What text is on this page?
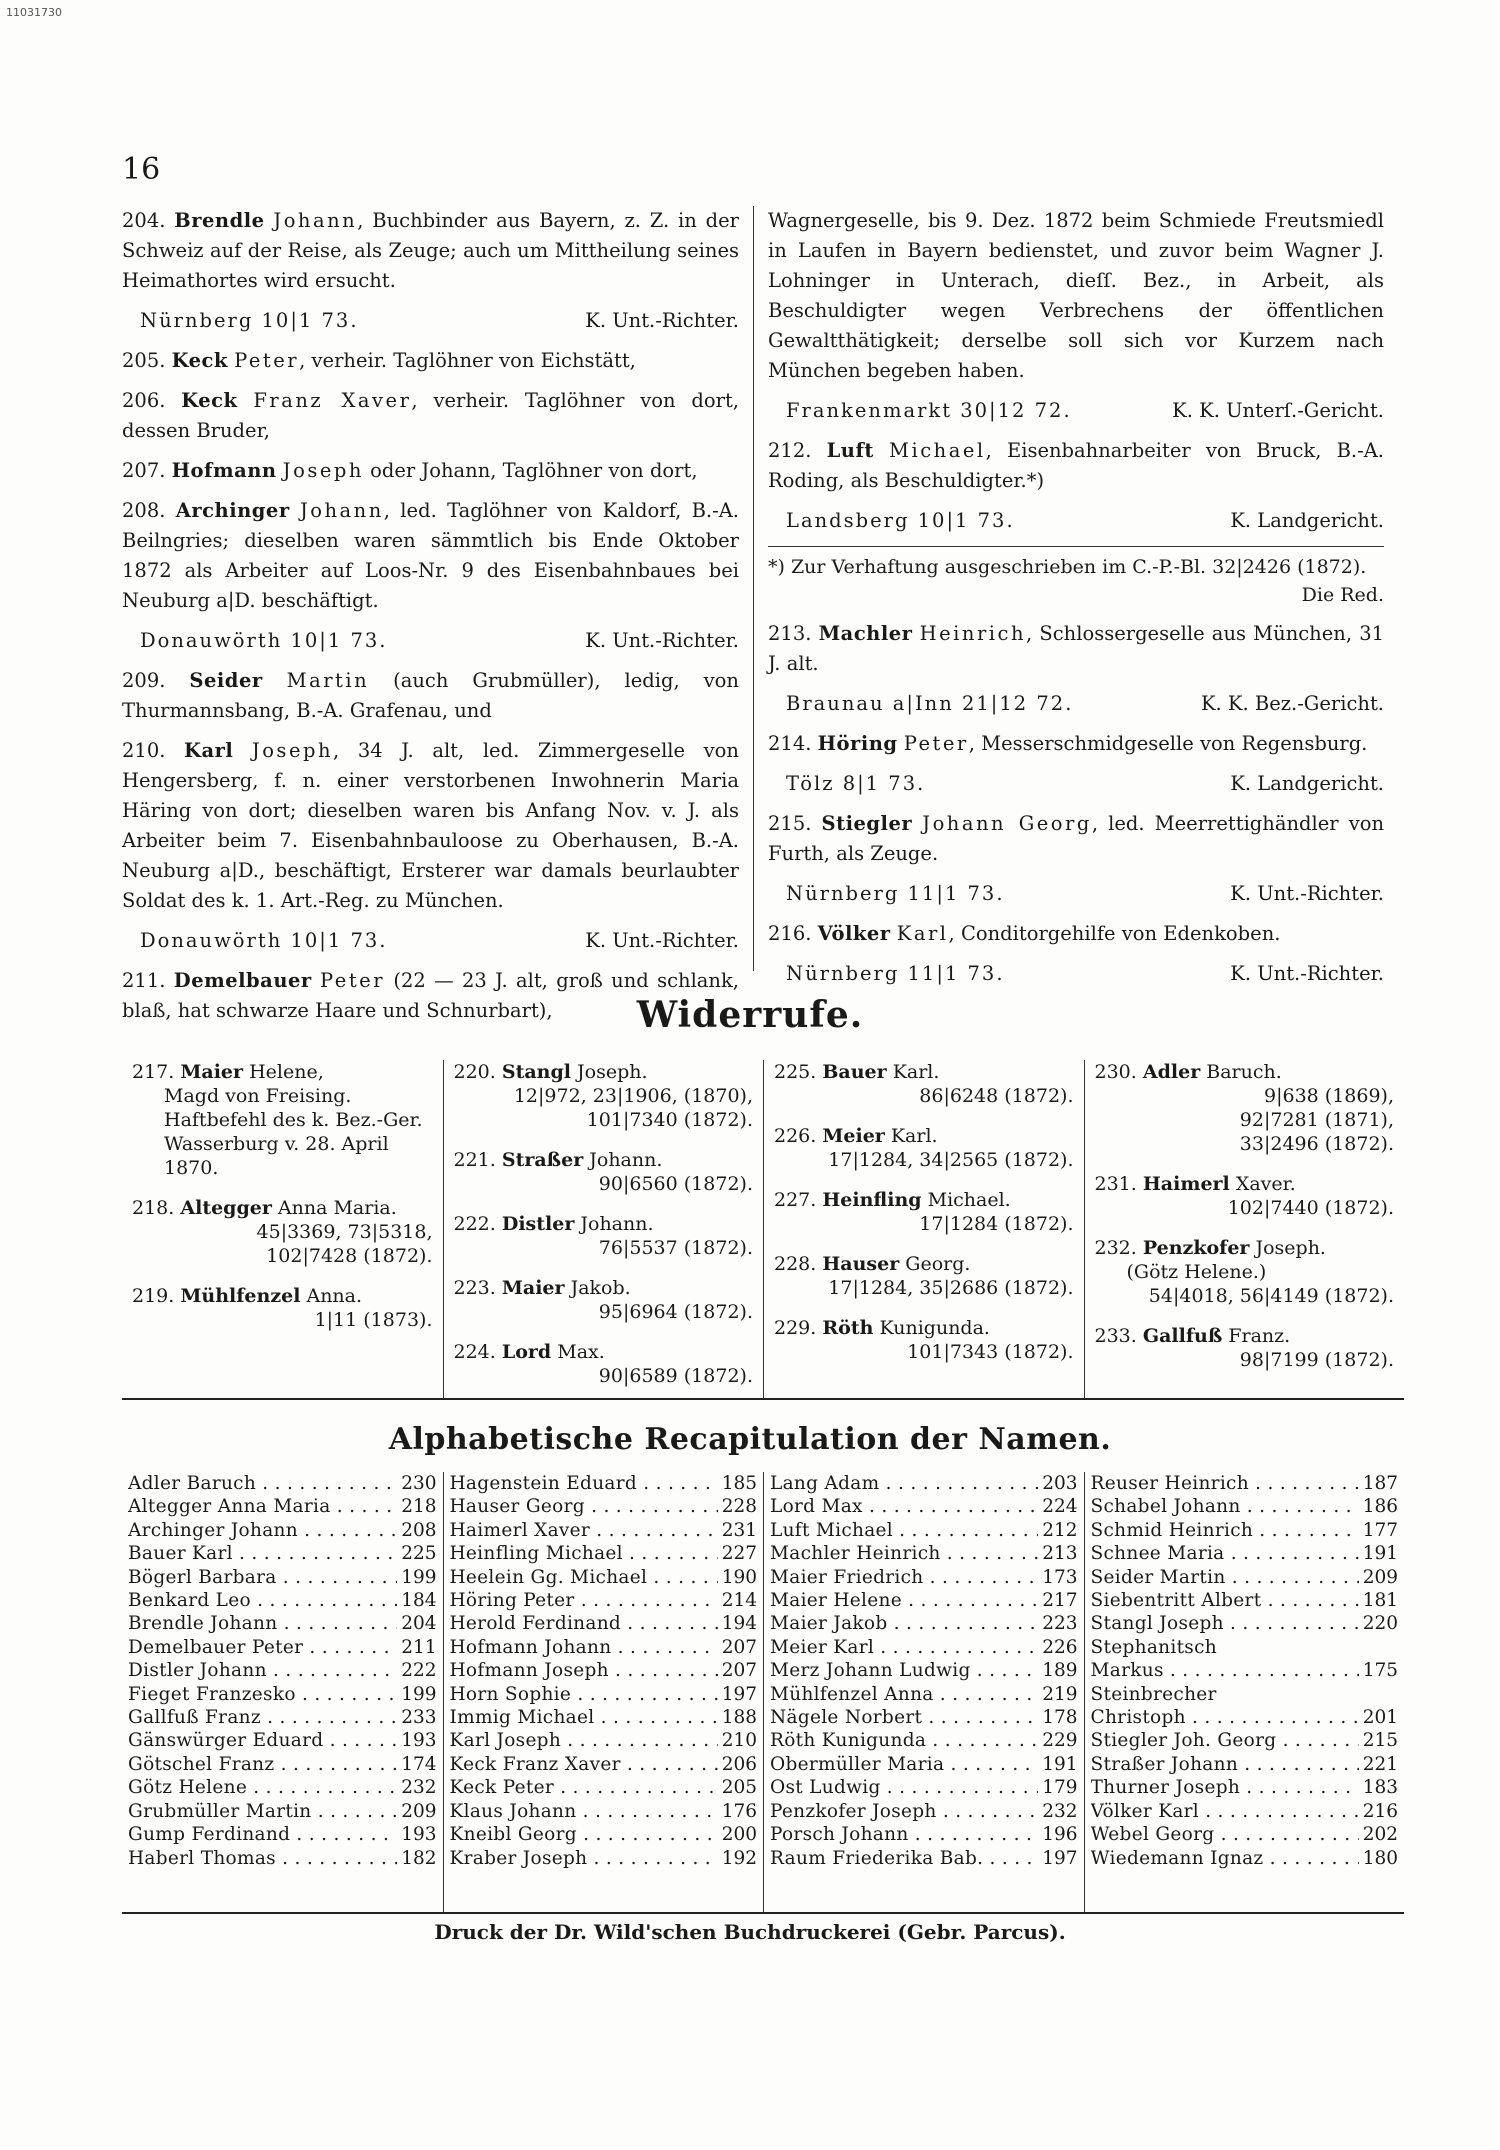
11031730
16
204. Brendle Johann, Buchbinder aus Bayern, z. Z. in der Schweiz auf der Reise, als Zeuge; auch um Mittheilung seines Heimathortes wird ersucht.
Nürnberg 10|1 73.	K. Unt.-Richter.
205. Keck Peter, verheir. Taglöhner von Eichstätt,
206. Keck Franz Xaver, verheir. Taglöhner von dort, dessen Bruder,
207. Hofmann Joseph oder Johann, Taglöhner von dort,
208. Archinger Johann, led. Taglöhner von Kaldorf, B.-A. Beilngries; dieselben waren sämmtlich bis Ende Oktober 1872 als Arbeiter auf Loos-Nr. 9 des Eisenbahnbaues bei Neuburg a|D. beschäftigt.
Donauwörth 10|1 73.	K. Unt.-Richter.
209. Seider Martin (auch Grubmüller), ledig, von Thurmannsbang, B.-A. Grafenau, und
210. Karl Joseph, 34 J. alt, led. Zimmergeselle von Hengersberg, f. n. einer verstorbenen Inwohnerin Maria Häring von dort; dieselben waren bis Anfang Nov. v. J. als Arbeiter beim 7. Eisenbahnbauloose zu Oberhausen, B.-A. Neuburg a|D., beschäftigt, Ersterer war damals beurlaubter Soldat des k. 1. Art.-Reg. zu München.
Donauwörth 10|1 73.	K. Unt.-Richter.
211. Demelbauer Peter (22 — 23 J. alt, groß und schlank, blaß, hat schwarze Haare und Schnurbart),
Wagnergeselle, bis 9. Dez. 1872 beim Schmiede Freutsmiedl in Laufen in Bayern bedienstet, und zuvor beim Wagner J. Lohninger in Unterach, dieſſ. Bez., in Arbeit, als Beschuldigter wegen Verbrechens der öffentlichen Gewaltthätigkeit; derselbe soll sich vor Kurzem nach München begeben haben.
Frankenmarkt 30|12 72.	K. K. Unterſ.-Gericht.
212. Luft Michael, Eisenbahnarbeiter von Bruck, B.-A. Roding, als Beschuldigter.*)
Landsberg 10|1 73.	K. Landgericht.
*) Zur Verhaftung ausgeschrieben im C.-P.-Bl. 32|2426 (1872).
Die Red.
213. Machler Heinrich, Schlossergeselle aus München, 31 J. alt.
Braunau a|Inn 21|12 72.	K. K. Bez.-Gericht.
214. Höring Peter, Messerschmidgeselle von Regensburg.
Tölz 8|1 73.	K. Landgericht.
215. Stiegler Johann Georg, led. Meerrettighändler von Furth, als Zeuge.
Nürnberg 11|1 73.	K. Unt.-Richter.
216. Völker Karl, Conditorgehilfe von Edenkoben.
Nürnberg 11|1 73.	K. Unt.-Richter.
Widerrufe.
217. Maier Helene,
Magd von Freising. Haftbefehl des k. Bez.-Ger. Wasserburg v. 28. April 1870.
218. Altegger Anna Maria.
45|3369, 73|5318,
102|7428 (1872).
219. Mühlfenzel Anna.
1|11 (1873).
220. Stangl Joseph.
12|972, 23|1906, (1870),
101|7340 (1872).
221. Straßer Johann.
90|6560 (1872).
222. Distler Johann.
76|5537 (1872).
223. Maier Jakob.
95|6964 (1872).
224. Lord Max.
90|6589 (1872).
225. Bauer Karl.
86|6248 (1872).
226. Meier Karl.
17|1284, 34|2565 (1872).
227. Heinfling Michael.
17|1284 (1872).
228. Hauser Georg.
17|1284, 35|2686 (1872).
229. Röth Kunigunda.
101|7343 (1872).
230. Adler Baruch.
9|638 (1869),
92|7281 (1871),
33|2496 (1872).
231. Haimerl Xaver.
102|7440 (1872).
232. Penzkofer Joseph.
(Götz Helene.)
54|4018, 56|4149 (1872).
233. Gallfuß Franz.
98|7199 (1872).
Alphabetische Recapitulation der Namen.
Adler Baruch . . .	230
Altegger Anna Maria . . .	218
Archinger Johann . . .	208
Bauer Karl . . .	225
Bögerl Barbara . . .	199
Benkard Leo . . .	184
Brendle Johann . . .	204
Demelbauer Peter . . .	211
Distler Johann . . .	222
Fieget Franzesko . . .	199
Gallfuß Franz . . .	233
Gänswürger Eduard . . .	193
Götschel Franz . . .	174
Götz Helene . . .	232
Grubmüller Martin . . .	209
Gump Ferdinand . . .	193
Haberl Thomas . . .	182
Hagenstein Eduard . . .	185
Hauser Georg . . .	228
Haimerl Xaver . . .	231
Heinfling Michael . . .	227
Heelein Gg. Michael . . .	190
Höring Peter . . .	214
Herold Ferdinand . . .	194
Hofmann Johann . . .	207
Hofmann Joseph . . .	207
Horn Sophie . . .	197
Immig Michael . . .	188
Karl Joseph . . .	210
Keck Franz Xaver . . .	206
Keck Peter . . .	205
Klaus Johann . . .	176
Kneibl Georg . . .	200
Kraber Joseph . . .	192
Lang Adam . . .	203
Lord Max . . .	224
Luft Michael . . .	212
Machler Heinrich . . .	213
Maier Friedrich . . .	173
Maier Helene . . .	217
Maier Jakob . . .	223
Meier Karl . . .	226
Merz Johann Ludwig . . .	189
Mühlfenzel Anna . . .	219
Nägele Norbert . . .	178
Röth Kunigunda . . .	229
Obermüller Maria . . .	191
Ost Ludwig . . .	179
Penzkofer Joseph . . .	232
Porsch Johann . . .	196
Raum Friederika Bab. . . .	197
Reuser Heinrich . . .	187
Schabel Johann . . .	186
Schmid Heinrich . . .	177
Schnee Maria . . .	191
Seider Martin . . .	209
Siebentritt Albert . . .	181
Stangl Joseph . . .	220
Stephanitsch
Markus . . .	175
Steinbrecher
Christoph . . .	201
Stiegler Joh. Georg . . .	215
Straßer Johann . . .	221
Thurner Joseph . . .	183
Völker Karl . . .	216
Webel Georg . . .	202
Wiedemann Ignaz . . .	180
Druck der Dr. Wild'schen Buchdruckerei (Gebr. Parcus).
